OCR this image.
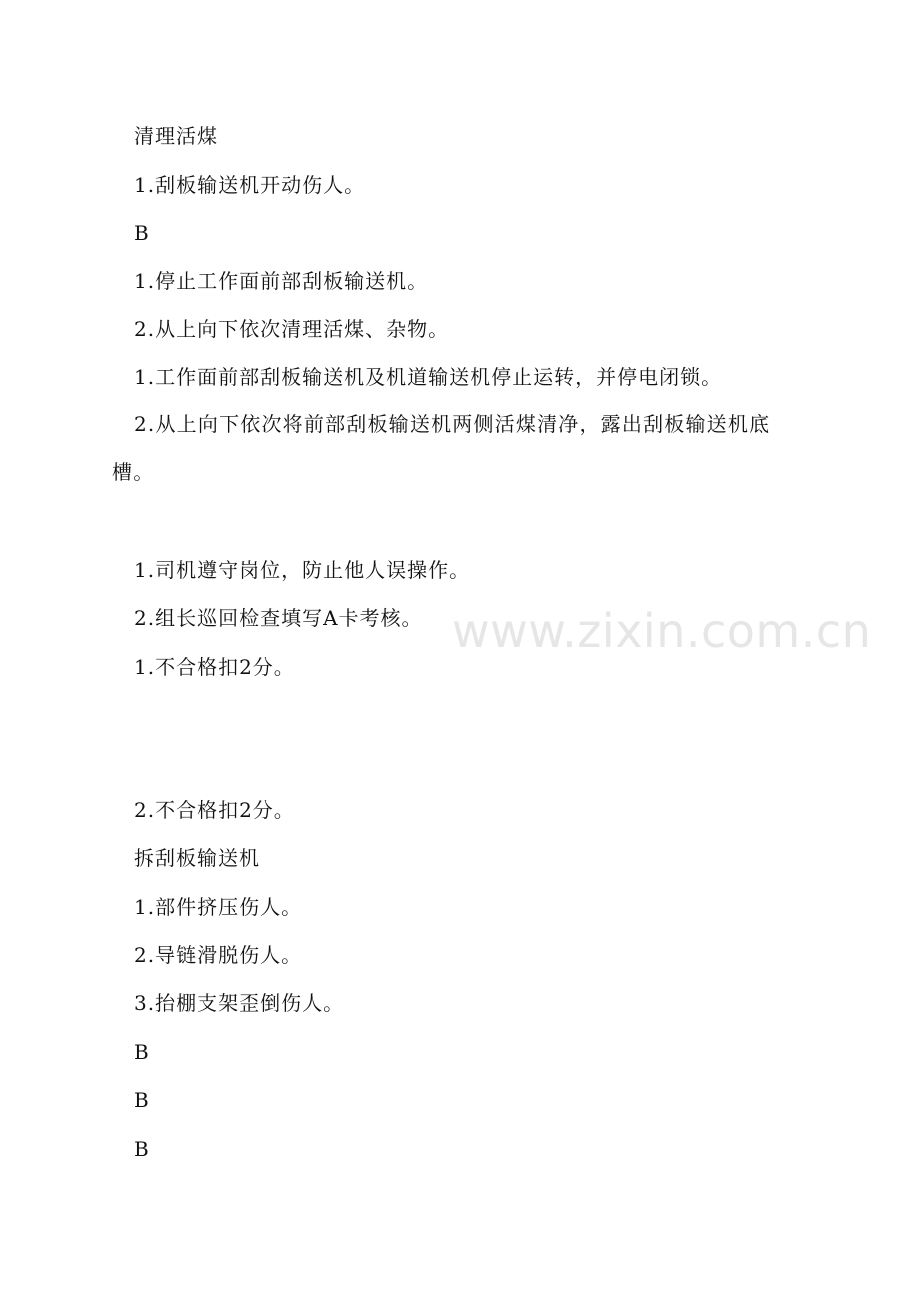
清理活煤
1.刮板输送机开动伤人。
B
1.停止工作面前部刮板输送机。
2.从上向下依次清理活煤、杂物。
1.工作面前部刮板输送机及机道输送机停止运转，并停电闭锁。
2.从上向下依次将前部刮板输送机两侧活煤清净，露出刮板输送机底槽。
1.司机遵守岗位，防止他人误操作。
2.组长巡回检查填写A卡考核。
1.不合格扣2分。
2.不合格扣2分。
拆刮板输送机
1.部件挤压伤人。
2.导链滑脱伤人。
3.抬棚支架歪倒伤人。
B
B
B
www.zixin.com.cn
